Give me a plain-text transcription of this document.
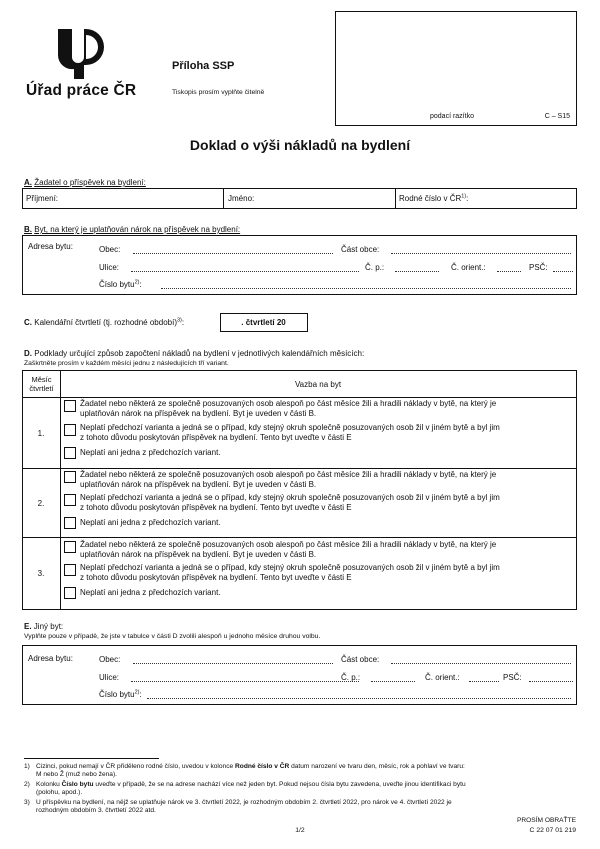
Úřad práce ČR
Příloha SSP
Tiskopis prosím vyplňte čitelně
podací razítko	C – S15
Doklad o výši nákladů na bydlení
A. Žadatel o příspěvek na bydlení:
Příjmení:	Jméno:	Rodné číslo v ČR$^{1)}$:
B. Byt, na který je uplatňován nárok na příspěvek na bydlení:
Adresa bytu:	Obec:	Část obce:
Ulice:	Č. p.:	Č. orient.:	PSČ:
Číslo bytu$^{2)}$:
C. Kalendářní čtvrtletí (tj. rozhodné období)$^{3)}$:	. čtvrtletí 20
D. Podklady určující způsob započtení nákladů na bydlení v jednotlivých kalendářních měsících:
Zaškrtněte prosím v každém měsíci jednu z následujících tří variant.
Měsíc
čtvrtletí	Vazba na byt
1.
Žadatel nebo některá ze společně posuzovaných osob alespoň po část měsíce žili a hradili náklady v bytě, na který je
uplatňován nárok na příspěvek na bydlení. Byt je uveden v části B.
Neplatí předchozí varianta a jedná se o případ, kdy stejný okruh společně posuzovaných osob žil v jiném bytě a byl jim
z tohoto důvodu poskytován příspěvek na bydlení. Tento byt uveďte v části E
Neplatí ani jedna z předchozích variant.
2.
Žadatel nebo některá ze společně posuzovaných osob alespoň po část měsíce žili a hradili náklady v bytě, na který je
uplatňován nárok na příspěvek na bydlení. Byt je uveden v části B.
Neplatí předchozí varianta a jedná se o případ, kdy stejný okruh společně posuzovaných osob žil v jiném bytě a byl jim
z tohoto důvodu poskytován příspěvek na bydlení. Tento byt uveďte v části E
Neplatí ani jedna z předchozích variant.
3.
Žadatel nebo některá ze společně posuzovaných osob alespoň po část měsíce žili a hradili náklady v bytě, na který je
uplatňován nárok na příspěvek na bydlení. Byt je uveden v části B.
Neplatí předchozí varianta a jedná se o případ, kdy stejný okruh společně posuzovaných osob žil v jiném bytě a byl jim
z tohoto důvodu poskytován příspěvek na bydlení. Tento byt uveďte v části E
Neplatí ani jedna z předchozích variant.
E. Jiný byt:
Vyplňte pouze v případě, že jste v tabulce v části D zvolili alespoň u jednoho měsíce druhou volbu.
Adresa bytu:	Obec:	Část obce:
Ulice:	Č. p.:	Č. orient.:	PSČ:
Číslo bytu$^{2)}$:
1) Cizinci, pokud nemají v ČR přiděleno rodné číslo, uvedou v kolonce Rodné číslo v ČR datum narození ve tvaru den, měsíc, rok a pohlaví ve tvaru:
M nebo Ž (muž nebo žena).
2) Kolonku Číslo bytu uveďte v případě, že se na adrese nachází více než jeden byt. Pokud nejsou čísla bytu zavedena, uveďte jinou identifikaci bytu
(polohu, apod.).
3) U příspěvku na bydlení, na nějž se uplatňuje nárok ve 3. čtvrtletí 2022, je rozhodným obdobím 2. čtvrtletí 2022, pro nárok ve 4. čtvrtletí 2022 je
rozhodným obdobím 3. čtvrtletí 2022 atd.
PROSÍM OBRAŤTE
1/2	C 22 07 01 219
